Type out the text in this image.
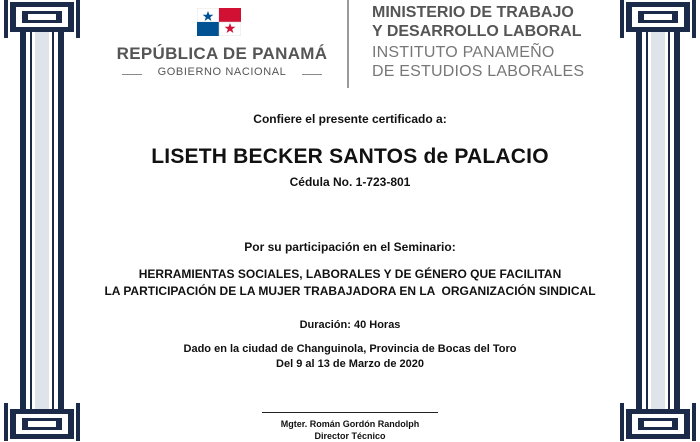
REPÚBLICA DE PANAMÁ
GOBIERNO NACIONAL
MINISTERIO DE TRABAJO
Y DESARROLLO LABORAL
INSTITUTO PANAMEÑO
DE ESTUDIOS LABORALES
Confiere el presente certificado a:
LISETH BECKER SANTOS de PALACIO
Cédula No. 1-723-801
Por su participación en el Seminario:
HERRAMIENTAS SOCIALES, LABORALES Y DE GÉNERO QUE FACILITAN
LA PARTICIPACIÓN DE LA MUJER TRABAJADORA EN LA  ORGANIZACIÓN SINDICAL
Duración: 40 Horas
Dado en la ciudad de Changuinola, Provincia de Bocas del Toro
Del 9 al 13 de Marzo de 2020
Mgter. Román Gordón Randolph
Director Técnico
